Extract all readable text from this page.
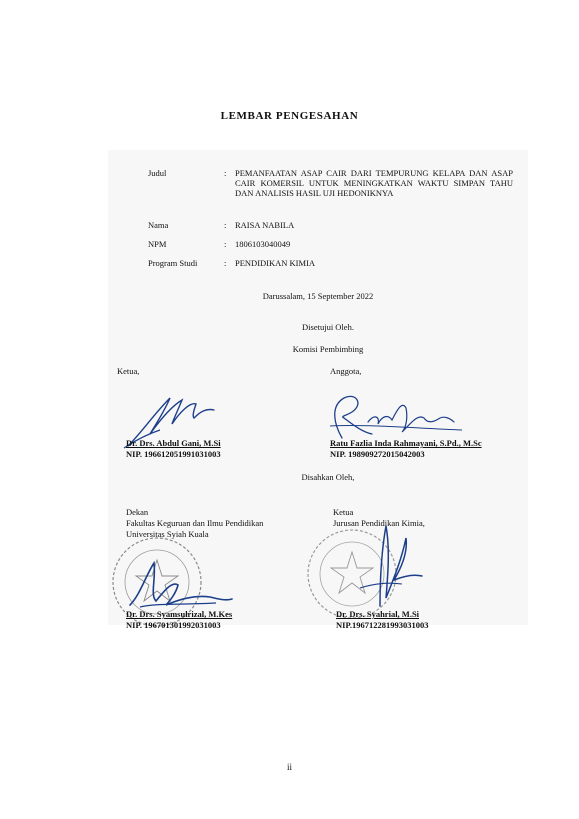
LEMBAR PENGESAHAN
Judul	: PEMANFAATAN ASAP CAIR DARI TEMPURUNG KELAPA DAN ASAP CAIR KOMERSIL UNTUK MENINGKATKAN WAKTU SIMPAN TAHU DAN ANALISIS HASIL UJI HEDONIKNYA
Nama	: RAISA NABILA
NPM	: 1806103040049
Program Studi	: PENDIDIKAN KIMIA
Darussalam, 15 September 2022
Disetujui Oleh.
Komisi Pembimbing
Ketua,	Anggota,
Dr. Drs. Abdul Gani, M.Si
NIP. 196612051991031003
Ratu Fazlia Inda Rahmayani, S.Pd., M.Sc
NIP. 198909272015042003
Disahkan Oleh,
Dekan
Fakultas Keguruan dan Ilmu Pendidikan
Universitas Syiah Kuala
Ketua
Jurusan Pendidikan Kimia,
Dr. Drs. Syamsulrizal, M.Kes
NIP. 196701301992031003
Dr. Drs. Syahrial, M.Si
NIP.196712281993031003
ii
